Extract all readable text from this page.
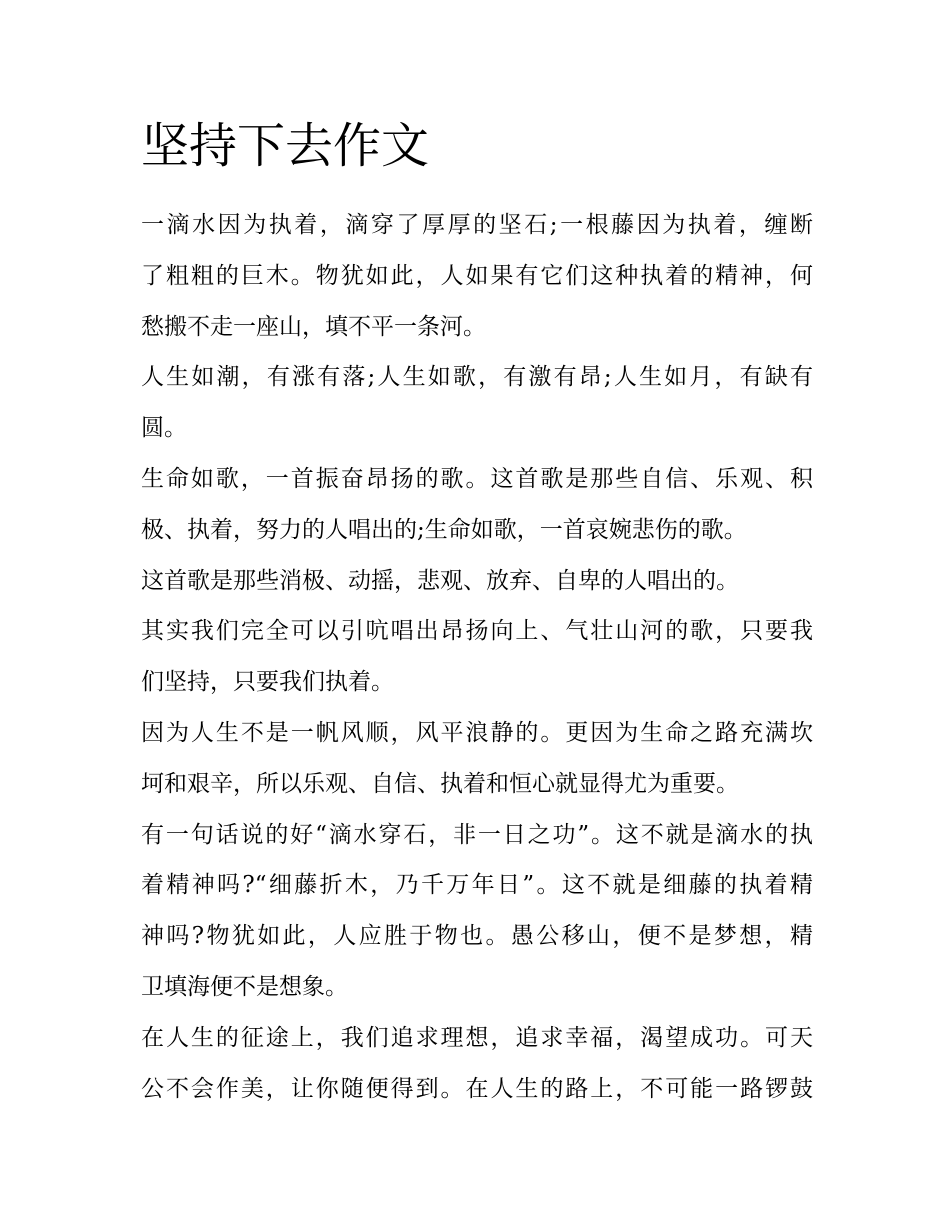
坚持下去作文
一滴水因为执着，滴穿了厚厚的坚石;一根藤因为执着，缠断
了粗粗的巨木。物犹如此，人如果有它们这种执着的精神，何
愁搬不走一座山，填不平一条河。
人生如潮，有涨有落;人生如歌，有激有昂;人生如月，有缺有
圆。
生命如歌，一首振奋昂扬的歌。这首歌是那些自信、乐观、积
极、执着，努力的人唱出的;生命如歌，一首哀婉悲伤的歌。
这首歌是那些消极、动摇，悲观、放弃、自卑的人唱出的。
其实我们完全可以引吭唱出昂扬向上、气壮山河的歌，只要我
们坚持，只要我们执着。
因为人生不是一帆风顺，风平浪静的。更因为生命之路充满坎
坷和艰辛，所以乐观、自信、执着和恒心就显得尤为重要。
有一句话说的好“滴水穿石，非一日之功”。这不就是滴水的执
着精神吗?“细藤折木，乃千万年日”。这不就是细藤的执着精
神吗?物犹如此，人应胜于物也。愚公移山，便不是梦想，精
卫填海便不是想象。
在人生的征途上，我们追求理想，追求幸福，渴望成功。可天
公不会作美，让你随便得到。在人生的路上，不可能一路锣鼓
